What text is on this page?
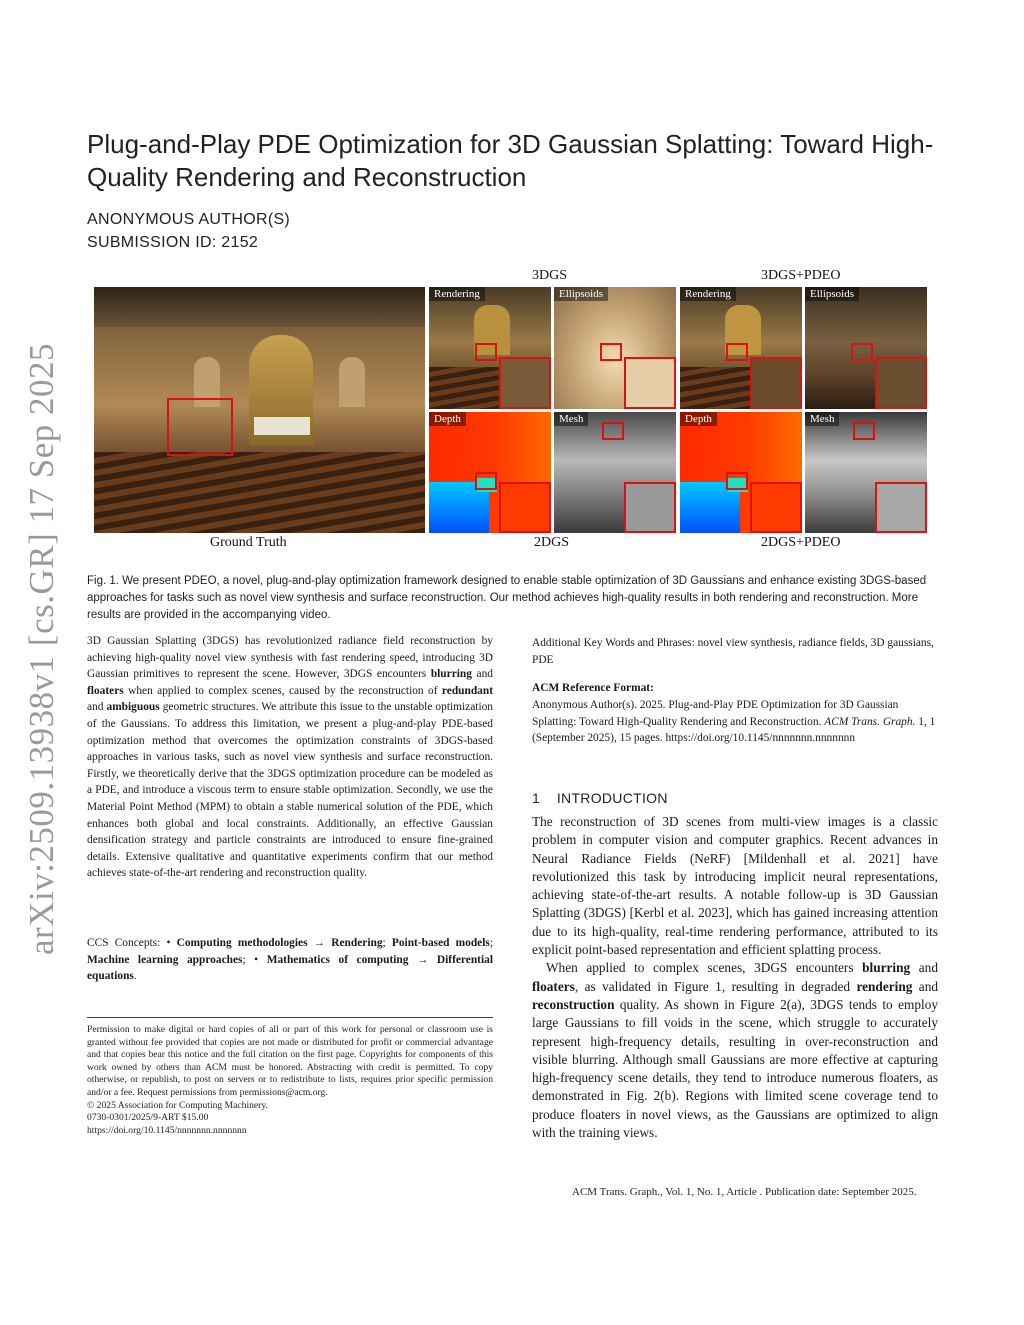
arXiv:2509.13938v1 [cs.GR] 17 Sep 2025
Plug-and-Play PDE Optimization for 3D Gaussian Splatting: Toward High-Quality Rendering and Reconstruction
ANONYMOUS AUTHOR(S)
SUBMISSION ID: 2152
3DGS	3DGS+PDEO
Rendering	Ellipsoids	Rendering	Ellipsoids
Depth	Mesh	Depth	Mesh
Ground Truth	2DGS	2DGS+PDEO
Fig. 1. We present PDEO, a novel, plug-and-play optimization framework designed to enable stable optimization of 3D Gaussians and enhance existing 3DGS-based approaches for tasks such as novel view synthesis and surface reconstruction. Our method achieves high-quality results in both rendering and reconstruction. More results are provided in the accompanying video.
3D Gaussian Splatting (3DGS) has revolutionized radiance field reconstruction by achieving high-quality novel view synthesis with fast rendering speed, introducing 3D Gaussian primitives to represent the scene. However, 3DGS encounters blurring and floaters when applied to complex scenes, caused by the reconstruction of redundant and ambiguous geometric structures. We attribute this issue to the unstable optimization of the Gaussians. To address this limitation, we present a plug-and-play PDE-based optimization method that overcomes the optimization constraints of 3DGS-based approaches in various tasks, such as novel view synthesis and surface reconstruction. Firstly, we theoretically derive that the 3DGS optimization procedure can be modeled as a PDE, and introduce a viscous term to ensure stable optimization. Secondly, we use the Material Point Method (MPM) to obtain a stable numerical solution of the PDE, which enhances both global and local constraints. Additionally, an effective Gaussian densification strategy and particle constraints are introduced to ensure fine-grained details. Extensive qualitative and quantitative experiments confirm that our method achieves state-of-the-art rendering and reconstruction quality.
CCS Concepts: • Computing methodologies → Rendering; Point-based models; Machine learning approaches; • Mathematics of computing → Differential equations.
Permission to make digital or hard copies of all or part of this work for personal or classroom use is granted without fee provided that copies are not made or distributed for profit or commercial advantage and that copies bear this notice and the full citation on the first page. Copyrights for components of this work owned by others than ACM must be honored. Abstracting with credit is permitted. To copy otherwise, or republish, to post on servers or to redistribute to lists, requires prior specific permission and/or a fee. Request permissions from permissions@acm.org.
© 2025 Association for Computing Machinery.
0730-0301/2025/9-ART $15.00
https://doi.org/10.1145/nnnnnnn.nnnnnnn
Additional Key Words and Phrases: novel view synthesis, radiance fields, 3D gaussians, PDE
ACM Reference Format:
Anonymous Author(s). 2025. Plug-and-Play PDE Optimization for 3D Gaussian Splatting: Toward High-Quality Rendering and Reconstruction. ACM Trans. Graph. 1, 1 (September 2025), 15 pages. https://doi.org/10.1145/nnnnnnn.nnnnnnn
1    INTRODUCTION

The reconstruction of 3D scenes from multi-view images is a classic problem in computer vision and computer graphics. Recent advances in Neural Radiance Fields (NeRF) [Mildenhall et al. 2021] have revolutionized this task by introducing implicit neural representations, achieving state-of-the-art results. A notable follow-up is 3D Gaussian Splatting (3DGS) [Kerbl et al. 2023], which has gained increasing attention due to its high-quality, real-time rendering performance, attributed to its explicit point-based representation and efficient splatting process.

When applied to complex scenes, 3DGS encounters blurring and floaters, as validated in Figure 1, resulting in degraded rendering and reconstruction quality. As shown in Figure 2(a), 3DGS tends to employ large Gaussians to fill voids in the scene, which struggle to accurately represent high-frequency details, resulting in over-reconstruction and visible blurring. Although small Gaussians are more effective at capturing high-frequency scene details, they tend to introduce numerous floaters, as demonstrated in Fig. 2(b). Regions with limited scene coverage tend to produce floaters in novel views, as the Gaussians are optimized to align with the training views.

ACM Trans. Graph., Vol. 1, No. 1, Article . Publication date: September 2025.
